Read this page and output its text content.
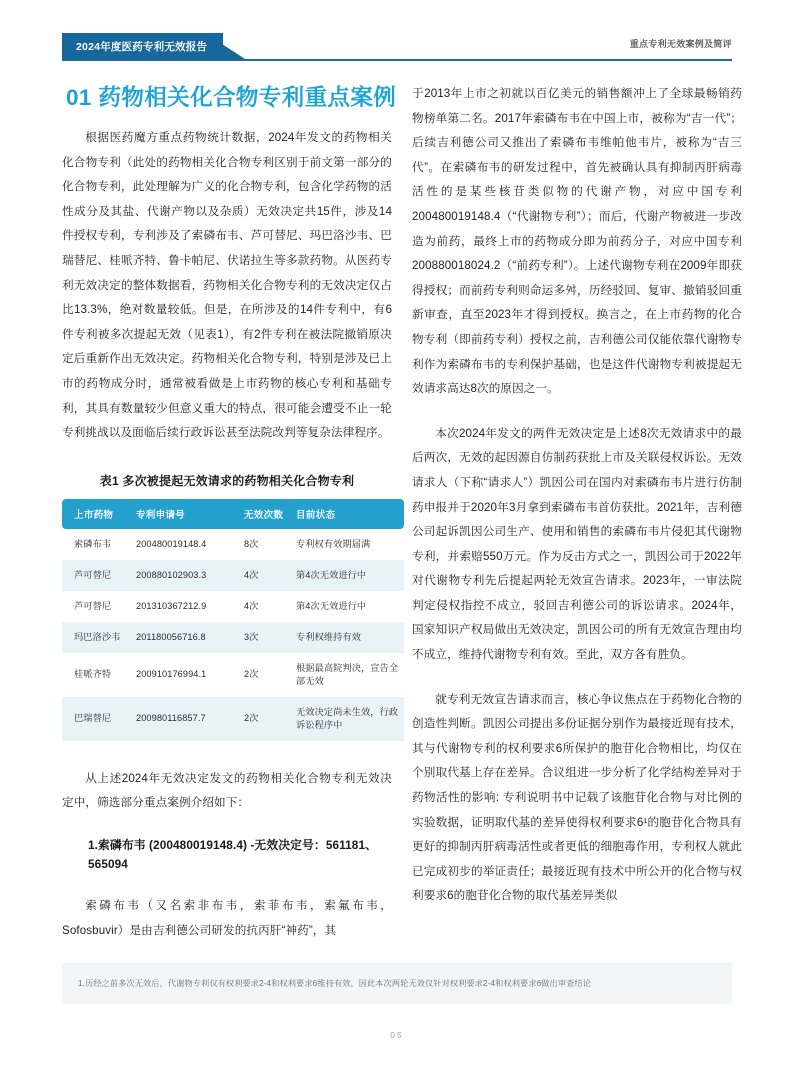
2024年度医药专利无效报告	重点专利无效案例及简评
01 药物相关化合物专利重点案例

根据医药魔方重点药物统计数据，2024年发文的药物相关化合物专利（此处的药物相关化合物专利区别于前文第一部分的化合物专利，此处理解为广义的化合物专利，包含化学药物的活性成分及其盐、代谢产物以及杂质）无效决定共15件，涉及14件授权专利，专利涉及了索磷布韦、芦可替尼、玛巴洛沙韦、巴瑞替尼、桂哌齐特、鲁卡帕尼、伏诺拉生等多款药物。从医药专利无效决定的整体数据看，药物相关化合物专利的无效决定仅占比13.3%，绝对数量较低。但是，在所涉及的14件专利中，有6件专利被多次提起无效（见表1），有2件专利在被法院撤销原决定后重新作出无效决定。药物相关化合物专利，特别是涉及已上市的药物成分时，通常被看做是上市药物的核心专利和基础专利，其具有数量较少但意义重大的特点，很可能会遭受不止一轮专利挑战以及面临后续行政诉讼甚至法院改判等复杂法律程序。

表1 多次被提起无效请求的药物相关化合物专利
上市药物	专利申请号	无效次数	目前状态
索磷布韦	200480019148.4	8次	专利权有效期届满
芦可替尼	200880102903.3	4次	第4次无效进行中
芦可替尼	201310367212.9	4次	第4次无效进行中
玛巴洛沙韦	201180056716.8	3次	专利权维持有效
桂哌齐特	200910176994.1	2次	根据最高院判决，宣告全部无效
巴瑞替尼	200980116857.7	2次	无效决定尚未生效，行政诉讼程序中

从上述2024年无效决定发文的药物相关化合物专利无效决定中，筛选部分重点案例介绍如下：

1.索磷布韦 (200480019148.4) -无效决定号：561181、565094

索磷布韦（又名索非布韦，索菲布韦，索氟布韦，Sofosbuvir）是由吉利德公司研发的抗丙肝“神药”，其

于2013年上市之初就以百亿美元的销售额冲上了全球最畅销药物榜单第二名。2017年索磷布韦在中国上市，被称为“吉一代”；后续吉利德公司又推出了索磷布韦维帕他韦片，被称为“吉三代”。在索磷布韦的研发过程中，首先被确认具有抑制丙肝病毒活性的是某些核苷类似物的代谢产物，对应中国专利200480019148.4（“代谢物专利”）；而后，代谢产物被进一步改造为前药，最终上市的药物成分即为前药分子，对应中国专利200880018024.2（“前药专利”）。上述代谢物专利在2009年即获得授权；而前药专利则命运多舛，历经驳回、复审、撤销驳回重新审查，直至2023年才得到授权。换言之，在上市药物的化合物专利（即前药专利）授权之前，吉利德公司仅能依靠代谢物专利作为索磷布韦的专利保护基础，也是这件代谢物专利被提起无效请求高达8次的原因之一。

本次2024年发文的两件无效决定是上述8次无效请求中的最后两次，无效的起因源自仿制药获批上市及关联侵权诉讼。无效请求人（下称“请求人”）凯因公司在国内对索磷布韦片进行仿制药申报并于2020年3月拿到索磷布韦首仿获批。2021年，吉利德公司起诉凯因公司生产、使用和销售的索磷布韦片侵犯其代谢物专利，并索赔550万元。作为反击方式之一，凯因公司于2022年对代谢物专利先后提起两轮无效宣告请求。2023年，一审法院判定侵权指控不成立，驳回吉利德公司的诉讼请求。2024年，国家知识产权局做出无效决定，凯因公司的所有无效宣告理由均不成立，维持代谢物专利有效。至此，双方各有胜负。

就专利无效宣告请求而言，核心争议焦点在于药物化合物的创造性判断。凯因公司提出多份证据分别作为最接近现有技术，其与代谢物专利的权利要求6所保护的胞苷化合物相比，均仅在个别取代基上存在差异。合议组进一步分析了化学结构差异对于药物活性的影响: 专利说明书中记载了该胞苷化合物与对比例的实验数据，证明取代基的差异使得权利要求6¹的胞苷化合物具有更好的抑制丙肝病毒活性或者更低的细胞毒作用，专利权人就此已完成初步的举证责任；最接近现有技术中所公开的化合物与权利要求6的胞苷化合物的取代基差异类似

1.历经之前多次无效后，代谢物专利仅有权利要求2-4和权利要求6维持有效，因此本次两轮无效仅针对权利要求2-4和权利要求6做出审查结论
05
